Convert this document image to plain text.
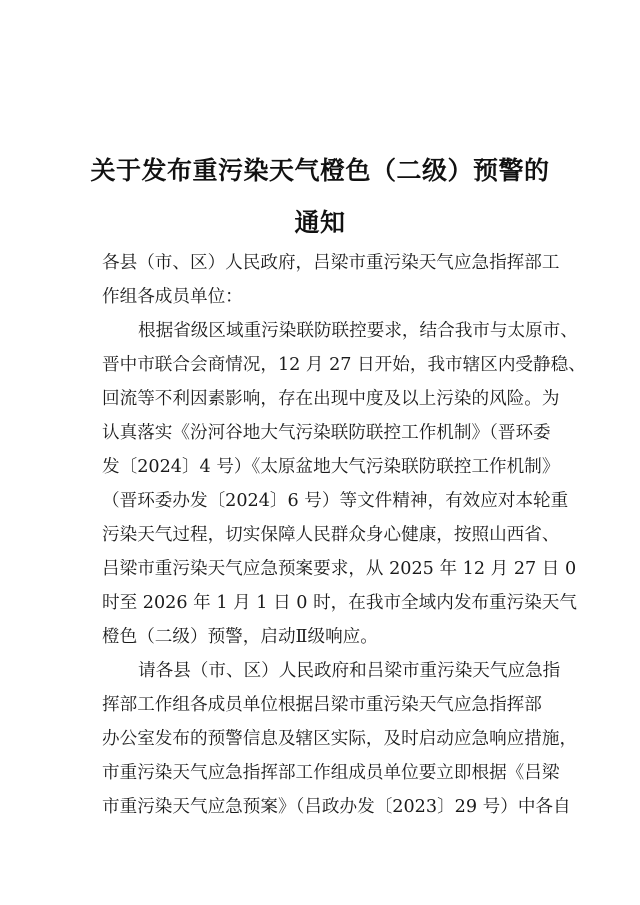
关于发布重污染天气橙色（二级）预警的
通知

各县（市、区）人民政府，吕梁市重污染天气应急指挥部工

作组各成员单位：

根据省级区域重污染联防联控要求，结合我市与太原市、

晋中市联合会商情况，12 月 27 日开始，我市辖区内受静稳、

回流等不利因素影响，存在出现中度及以上污染的风险。为

认真落实《汾河谷地大气污染联防联控工作机制》（晋环委

发〔2024〕4 号）《太原盆地大气污染联防联控工作机制》

（晋环委办发〔2024〕6 号）等文件精神，有效应对本轮重

污染天气过程，切实保障人民群众身心健康，按照山西省、

吕梁市重污染天气应急预案要求，从 2025 年 12 月 27 日 0

时至 2026 年 1 月 1 日 0 时，在我市全域内发布重污染天气

橙色（二级）预警，启动Ⅱ级响应。

请各县（市、区）人民政府和吕梁市重污染天气应急指

挥部工作组各成员单位根据吕梁市重污染天气应急指挥部

办公室发布的预警信息及辖区实际，及时启动应急响应措施，

市重污染天气应急指挥部工作组成员单位要立即根据《吕梁

市重污染天气应急预案》（吕政办发〔2023〕29 号）中各自
